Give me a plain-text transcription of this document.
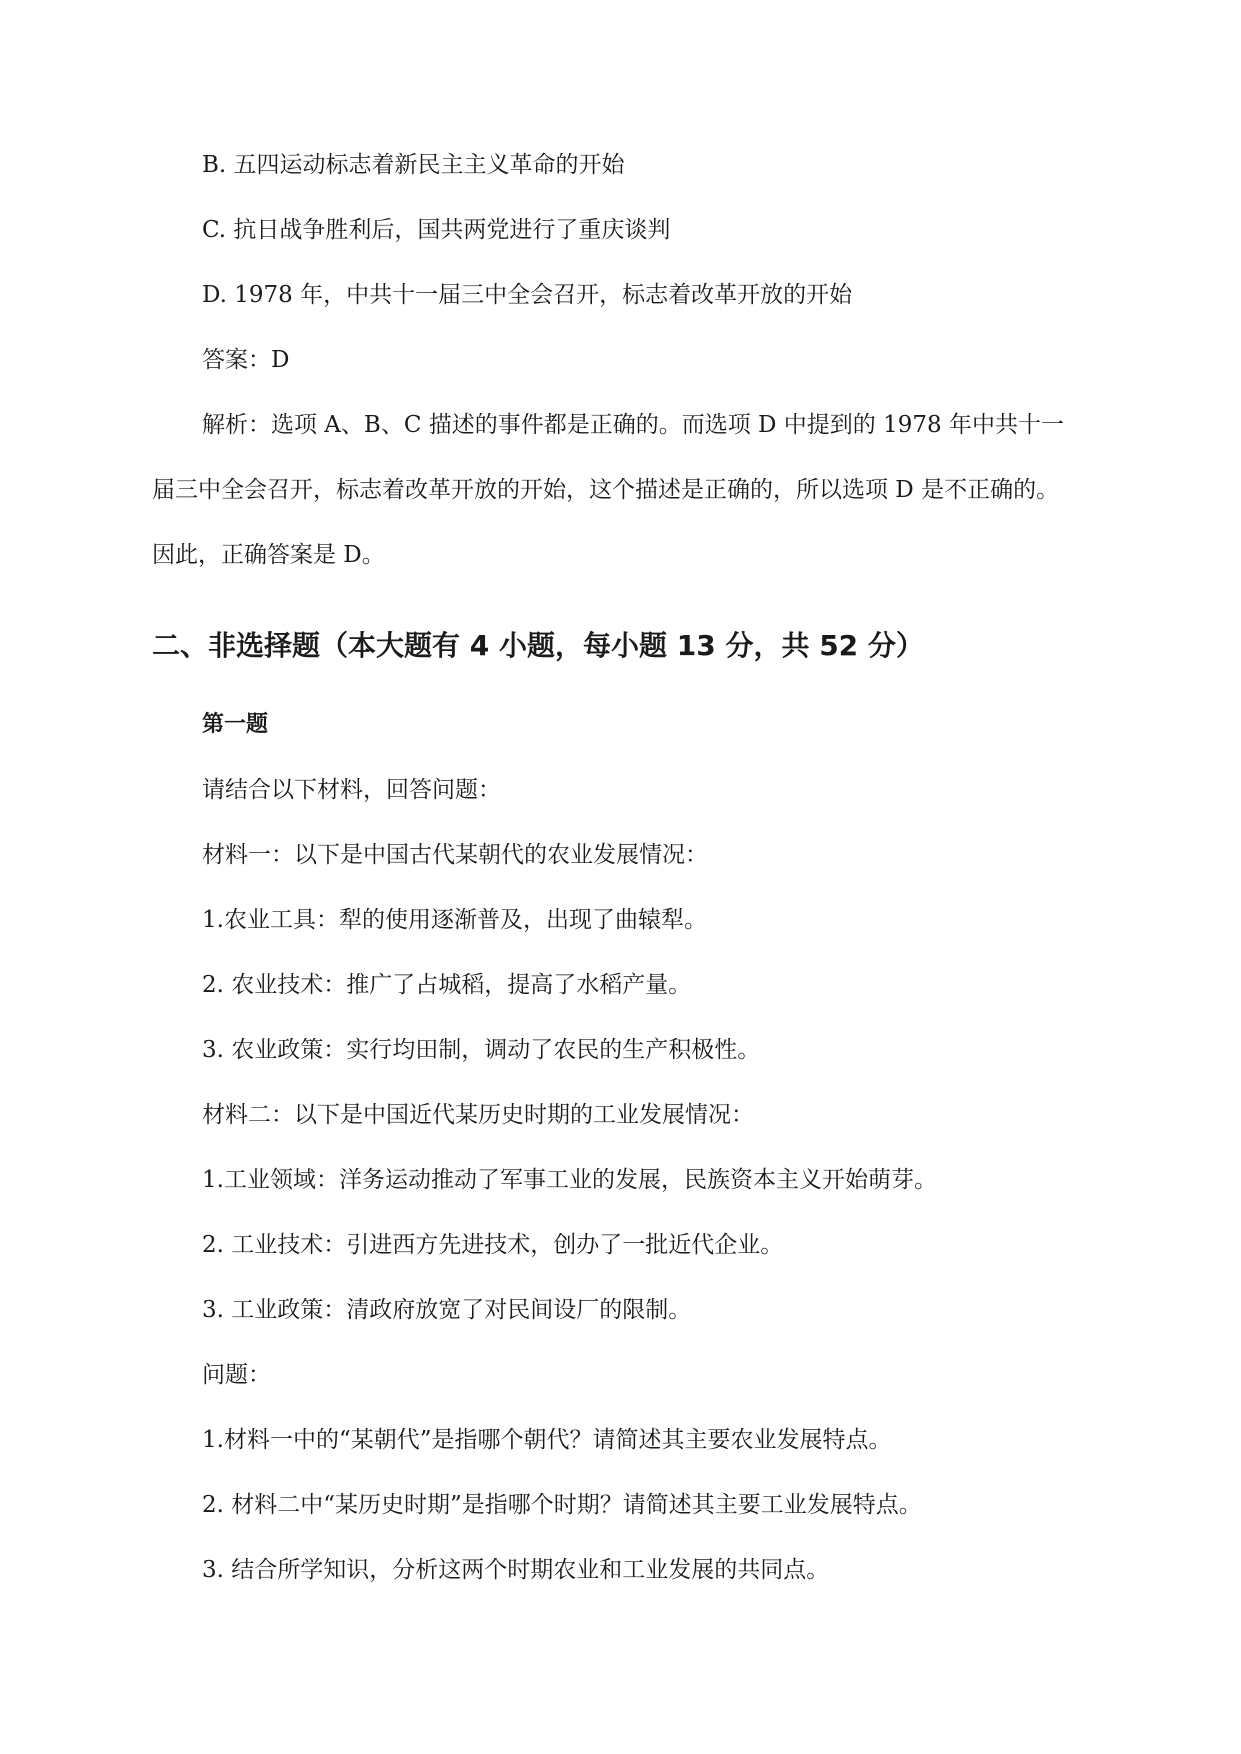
B. 五四运动标志着新民主主义革命的开始
C. 抗日战争胜利后，国共两党进行了重庆谈判
D. 1978 年，中共十一届三中全会召开，标志着改革开放的开始
答案：D
解析：选项 A、B、C 描述的事件都是正确的。而选项 D 中提到的 1978 年中共十一
届三中全会召开，标志着改革开放的开始，这个描述是正确的，所以选项 D 是不正确的。
因此，正确答案是 D。
二、非选择题（本大题有 4 小题，每小题 13 分，共 52 分）
第一题
请结合以下材料，回答问题：
材料一：以下是中国古代某朝代的农业发展情况：
1.农业工具：犁的使用逐渐普及，出现了曲辕犁。
2. 农业技术：推广了占城稻，提高了水稻产量。
3. 农业政策：实行均田制，调动了农民的生产积极性。
材料二：以下是中国近代某历史时期的工业发展情况：
1.工业领域：洋务运动推动了军事工业的发展，民族资本主义开始萌芽。
2. 工业技术：引进西方先进技术，创办了一批近代企业。
3. 工业政策：清政府放宽了对民间设厂的限制。
问题：
1.材料一中的“某朝代”是指哪个朝代？请简述其主要农业发展特点。
2. 材料二中“某历史时期”是指哪个时期？请简述其主要工业发展特点。
3. 结合所学知识，分析这两个时期农业和工业发展的共同点。
